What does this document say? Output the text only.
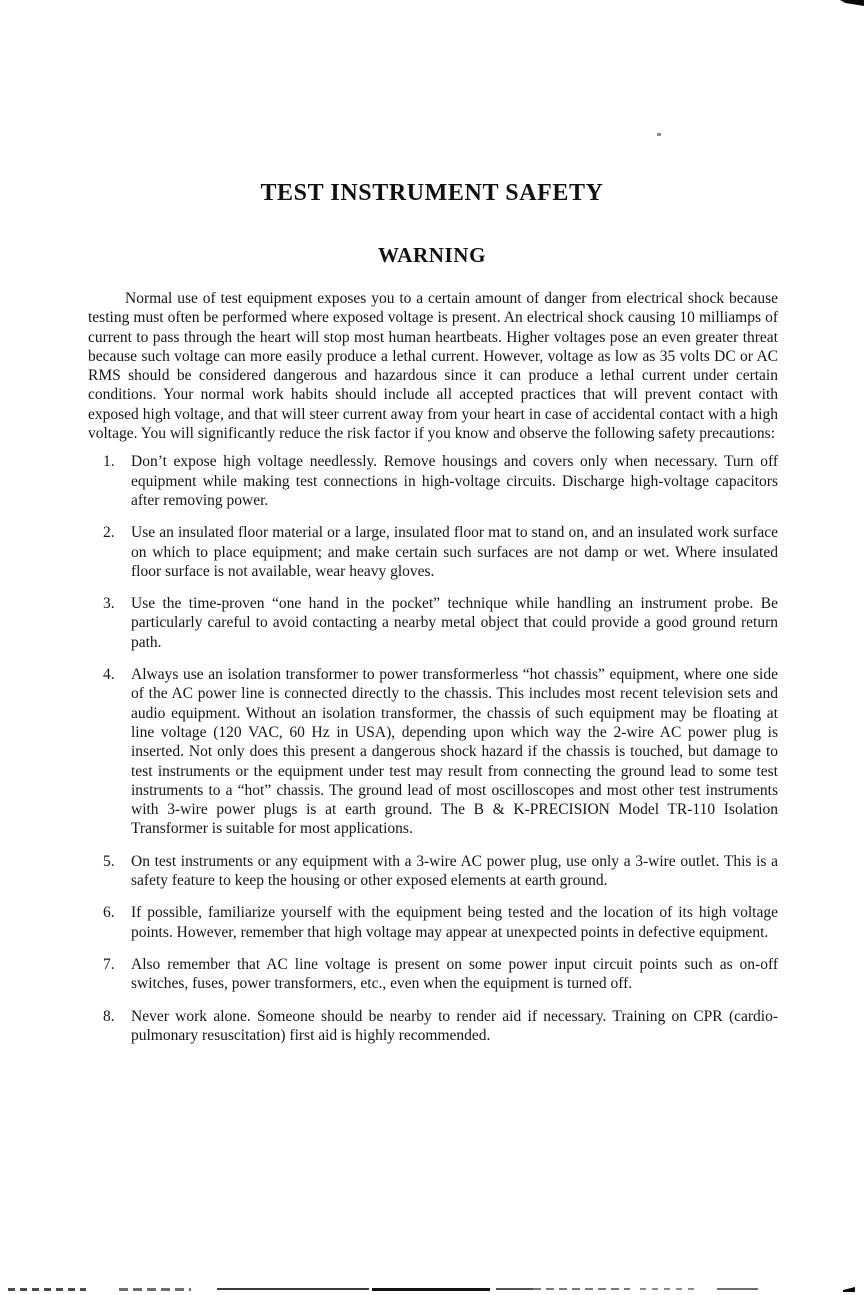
TEST INSTRUMENT SAFETY
WARNING

Normal use of test equipment exposes you to a certain amount of danger from electrical shock because testing must often be performed where exposed voltage is present. An electrical shock causing 10 milliamps of current to pass through the heart will stop most human heartbeats. Higher voltages pose an even greater threat because such voltage can more easily produce a lethal current. However, voltage as low as 35 volts DC or AC RMS should be considered dangerous and hazardous since it can produce a lethal current under certain conditions. Your normal work habits should include all accepted practices that will prevent contact with exposed high voltage, and that will steer current away from your heart in case of accidental contact with a high voltage. You will significantly reduce the risk factor if you know and observe the following safety precautions:

1.	Don’t expose high voltage needlessly. Remove housings and covers only when necessary. Turn off equipment while making test connections in high-voltage circuits. Discharge high-voltage capacitors after removing power.
2.	Use an insulated floor material or a large, insulated floor mat to stand on, and an insulated work surface on which to place equipment; and make certain such surfaces are not damp or wet. Where insulated floor surface is not available, wear heavy gloves.
3.	Use the time-proven “one hand in the pocket” technique while handling an instrument probe. Be particularly careful to avoid contacting a nearby metal object that could provide a good ground return path.
4.	Always use an isolation transformer to power transformerless “hot chassis” equipment, where one side of the AC power line is connected directly to the chassis. This includes most recent television sets and audio equipment. Without an isolation transformer, the chassis of such equipment may be floating at line voltage (120 VAC, 60 Hz in USA), depending upon which way the 2-wire AC power plug is inserted. Not only does this present a dangerous shock hazard if the chassis is touched, but damage to test instruments or the equipment under test may result from connecting the ground lead to some test instruments to a “hot” chassis. The ground lead of most oscilloscopes and most other test instruments with 3-wire power plugs is at earth ground. The B & K-PRECISION Model TR-110 Isolation Transformer is suitable for most applications.
5.	On test instruments or any equipment with a 3-wire AC power plug, use only a 3-wire outlet. This is a safety feature to keep the housing or other exposed elements at earth ground.
6.	If possible, familiarize yourself with the equipment being tested and the location of its high voltage points. However, remember that high voltage may appear at unexpected points in defective equipment.
7.	Also remember that AC line voltage is present on some power input circuit points such as on-off switches, fuses, power transformers, etc., even when the equipment is turned off.
8.	Never work alone. Someone should be nearby to render aid if necessary. Training on CPR (cardio-pulmonary resuscitation) first aid is highly recommended.
